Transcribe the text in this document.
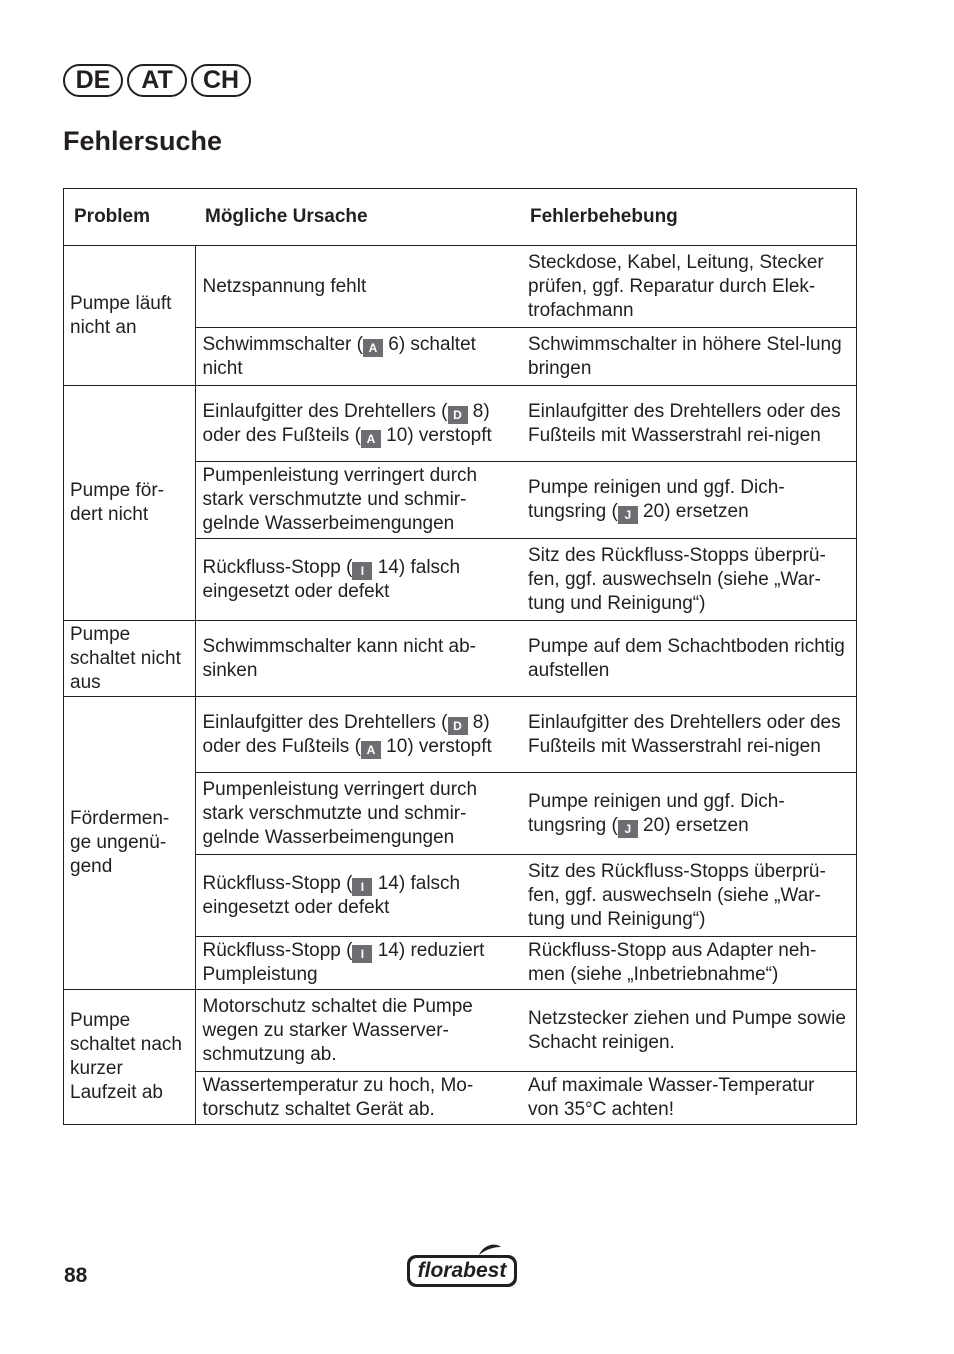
DE	AT	CH
Fehlersuche
Problem	Mögliche Ursache	Fehlerbehebung
Pumpe läuft nicht an	Netzspannung fehlt	Steckdose, Kabel, Leitung, Stecker prüfen, ggf. Reparatur durch Elek-trofachmann
	Schwimmschalter ( A 6) schaltet nicht	Schwimmschalter in höhere Stel-lung bringen
Pumpe för-dert nicht	Einlaufgitter des Drehtellers ( D 8) oder des Fußteils ( A 10) verstopft	Einlaufgitter des Drehtellers oder des Fußteils mit Wasserstrahl rei-nigen
	Pumpenleistung verringert durch stark verschmutzte und schmir-gelnde Wasserbeimengungen	Pumpe reinigen und ggf. Dich-tungsring ( J 20) ersetzen
	Rückfluss-Stopp ( I 14) falsch eingesetzt oder defekt	Sitz des Rückfluss-Stopps überprü-fen, ggf. auswechseln (siehe „War-tung und Reinigung“)
Pumpe schaltet nicht aus	Schwimmschalter kann nicht ab-sinken	Pumpe auf dem Schachtboden richtig aufstellen
Fördermen-ge ungenü-gend	Einlaufgitter des Drehtellers ( D 8) oder des Fußteils ( A 10) verstopft	Einlaufgitter des Drehtellers oder des Fußteils mit Wasserstrahl rei-nigen
	Pumpenleistung verringert durch stark verschmutzte und schmir-gelnde Wasserbeimengungen	Pumpe reinigen und ggf. Dich-tungsring ( J 20) ersetzen
	Rückfluss-Stopp ( I 14) falsch eingesetzt oder defekt	Sitz des Rückfluss-Stopps überprü-fen, ggf. auswechseln (siehe „War-tung und Reinigung“)
	Rückfluss-Stopp ( I 14) reduziert Pumpleistung	Rückfluss-Stopp aus Adapter neh-men (siehe „Inbetriebnahme“)
Pumpe schaltet nach kurzer Laufzeit ab	Motorschutz schaltet die Pumpe wegen zu starker Wasserver-schmutzung ab.	Netzstecker ziehen und Pumpe sowie Schacht reinigen.
	Wassertemperatur zu hoch, Mo-torschutz schaltet Gerät ab.	Auf maximale Wasser-Temperatur von 35°C achten!
88	florabest
